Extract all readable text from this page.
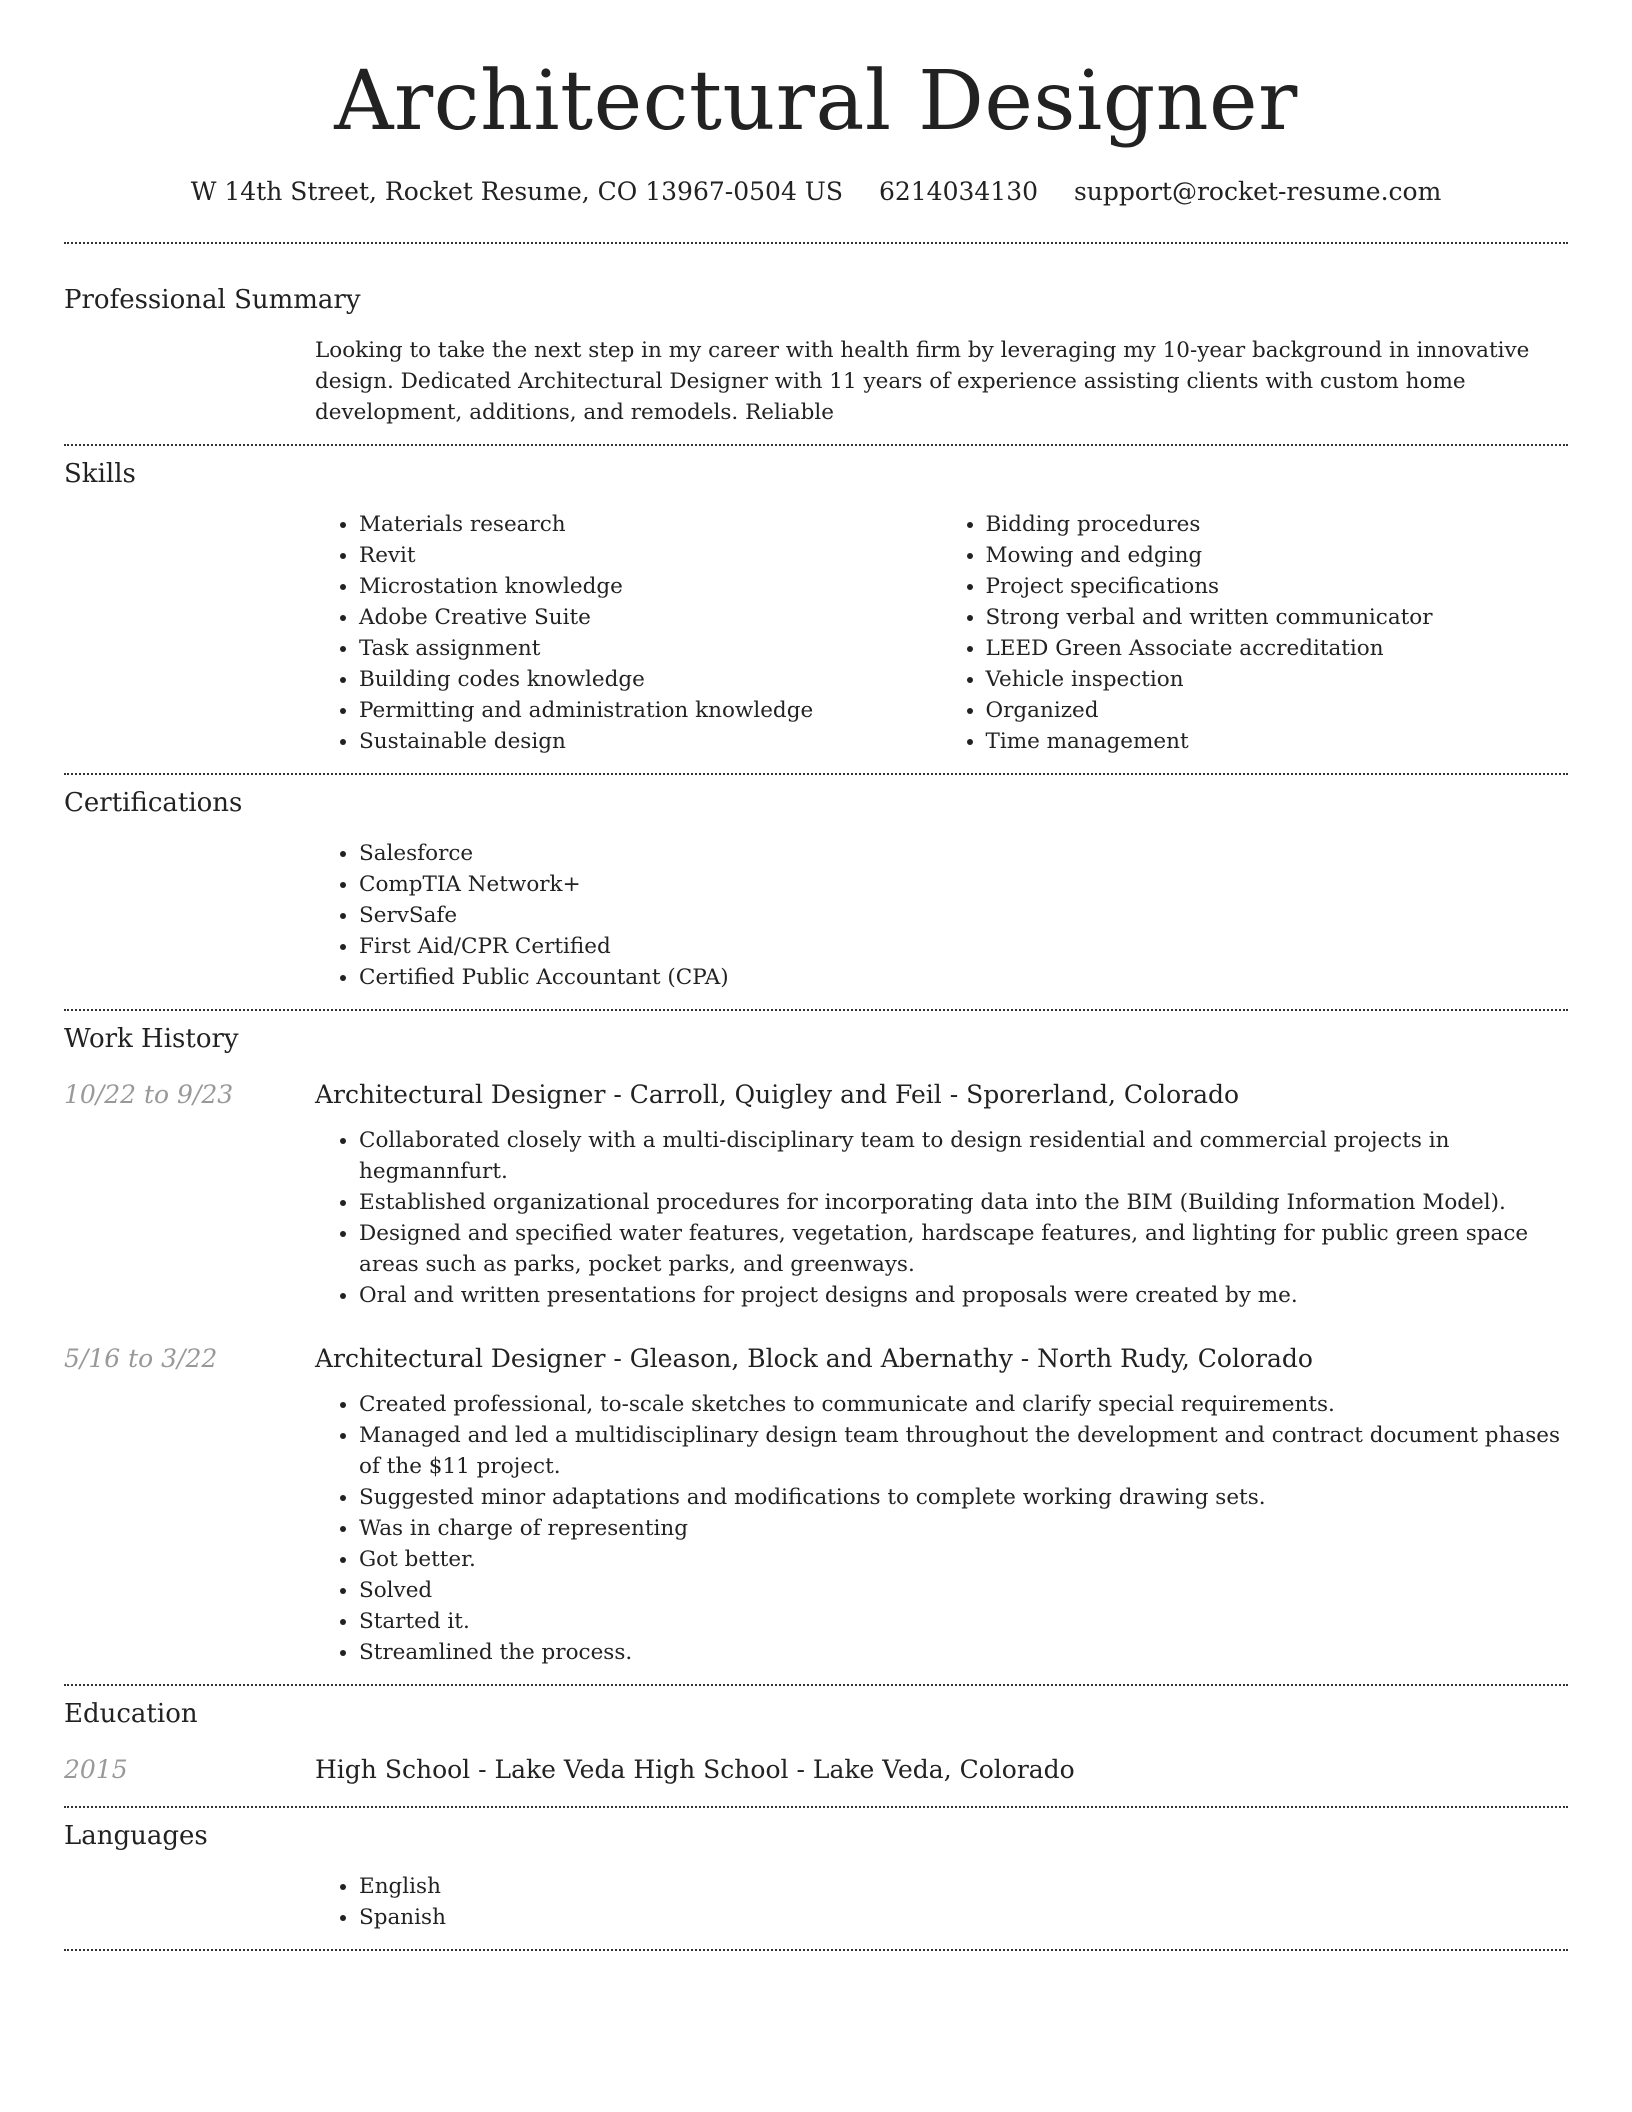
Architectural Designer
W 14th Street, Rocket Resume, CO 13967-0504 US 6214034130 support@rocket-resume.com
Professional Summary
Looking to take the next step in my career with health firm by leveraging my 10-year background in innovative design. Dedicated Architectural Designer with 11 years of experience assisting clients with custom home development, additions, and remodels. Reliable
Skills
• Materials research
• Revit
• Microstation knowledge
• Adobe Creative Suite
• Task assignment
• Building codes knowledge
• Permitting and administration knowledge
• Sustainable design
• Bidding procedures
• Mowing and edging
• Project specifications
• Strong verbal and written communicator
• LEED Green Associate accreditation
• Vehicle inspection
• Organized
• Time management
Certifications
• Salesforce
• CompTIA Network+
• ServSafe
• First Aid/CPR Certified
• Certified Public Accountant (CPA)
Work History
10/22 to 9/23	Architectural Designer - Carroll, Quigley and Feil - Sporerland, Colorado
• Collaborated closely with a multi-disciplinary team to design residential and commercial projects in hegmannfurt.
• Established organizational procedures for incorporating data into the BIM (Building Information Model).
• Designed and specified water features, vegetation, hardscape features, and lighting for public green space areas such as parks, pocket parks, and greenways.
• Oral and written presentations for project designs and proposals were created by me.
5/16 to 3/22	Architectural Designer - Gleason, Block and Abernathy - North Rudy, Colorado
• Created professional, to-scale sketches to communicate and clarify special requirements.
• Managed and led a multidisciplinary design team throughout the development and contract document phases of the $11 project.
• Suggested minor adaptations and modifications to complete working drawing sets.
• Was in charge of representing
• Got better.
• Solved
• Started it.
• Streamlined the process.
Education
2015	High School - Lake Veda High School - Lake Veda, Colorado
Languages
• English
• Spanish
